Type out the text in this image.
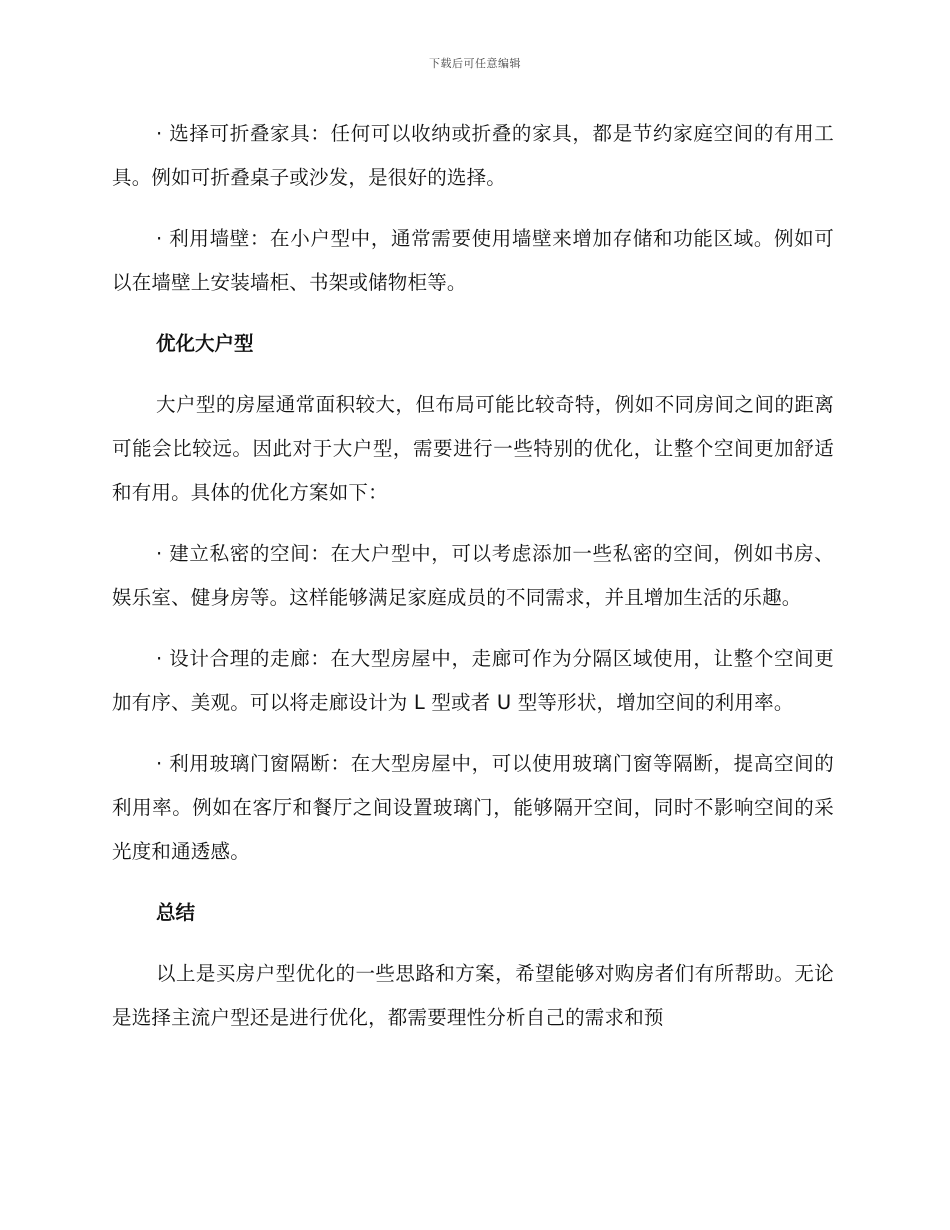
下载后可任意编辑

· 选择可折叠家具：任何可以收纳或折叠的家具，都是节约家庭空间的有用工具。例如可折叠桌子或沙发，是很好的选择。

· 利用墙壁：在小户型中，通常需要使用墙壁来增加存储和功能区域。例如可以在墙壁上安装墙柜、书架或储物柜等。

优化大户型

大户型的房屋通常面积较大，但布局可能比较奇特，例如不同房间之间的距离可能会比较远。因此对于大户型，需要进行一些特别的优化，让整个空间更加舒适和有用。具体的优化方案如下：

· 建立私密的空间：在大户型中，可以考虑添加一些私密的空间，例如书房、娱乐室、健身房等。这样能够满足家庭成员的不同需求，并且增加生活的乐趣。

· 设计合理的走廊：在大型房屋中，走廊可作为分隔区域使用，让整个空间更加有序、美观。可以将走廊设计为 L 型或者 U 型等形状，增加空间的利用率。

· 利用玻璃门窗隔断：在大型房屋中，可以使用玻璃门窗等隔断，提高空间的利用率。例如在客厅和餐厅之间设置玻璃门，能够隔开空间，同时不影响空间的采光度和通透感。

总结

以上是买房户型优化的一些思路和方案，希望能够对购房者们有所帮助。无论是选择主流户型还是进行优化，都需要理性分析自己的需求和预
